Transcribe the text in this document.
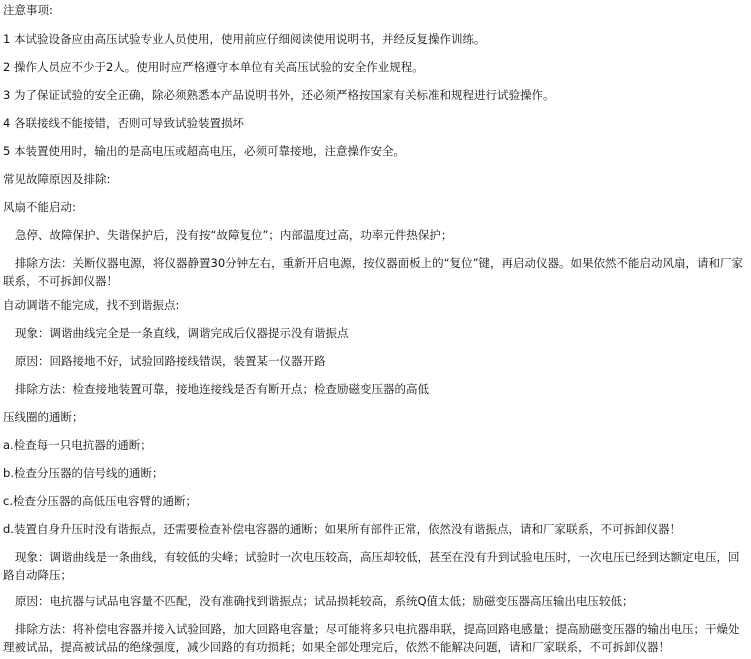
注意事项:
1 本试验设备应由高压试验专业人员使用，使用前应仔细阅读使用说明书，并经反复操作训练。
2 操作人员应不少于2人。使用时应严格遵守本单位有关高压试验的安全作业规程。
3 为了保证试验的安全正确，除必须熟悉本产品说明书外，还必须严格按国家有关标准和规程进行试验操作。
4 各联接线不能接错，否则可导致试验装置损坏
5 本装置使用时，输出的是高电压或超高电压，必须可靠接地，注意操作安全。
常见故障原因及排除:
风扇不能启动:
急停、故障保护、失谐保护后，没有按“故障复位”；内部温度过高，功率元件热保护；
排除方法：关断仪器电源，将仪器静置30分钟左右，重新开启电源，按仪器面板上的“复位”键，再启动仪器。如果依然不能启动风扇，请和厂家联系，不可拆卸仪器！
自动调谐不能完成，找不到谐振点:
现象：调谐曲线完全是一条直线，调谐完成后仪器提示没有谐振点
原因：回路接地不好，试验回路接线错误，装置某一仪器开路
排除方法：检查接地装置可靠，接地连接线是否有断开点；检查励磁变压器的高低
压线圈的通断；
a.检查每一只电抗器的通断；
b.检查分压器的信号线的通断；
c.检查分压器的高低压电容臂的通断；
d.装置自身升压时没有谐振点，还需要检查补偿电容器的通断；如果所有部件正常，依然没有谐振点，请和厂家联系，不可拆卸仪器！
现象：调谐曲线是一条曲线，有较低的尖峰；试验时一次电压较高，高压却较低，甚至在没有升到试验电压时，一次电压已经到达额定电压，回路自动降压；
原因：电抗器与试品电容量不匹配，没有准确找到谐振点；试品损耗较高，系统Q值太低；励磁变压器高压输出电压较低；
排除方法：将补偿电容器并接入试验回路，加大回路电容量；尽可能将多只电抗器串联，提高回路电感量；提高励磁变压器的输出电压；干燥处理被试品，提高被试品的绝缘强度，减少回路的有功损耗；如果全部处理完后，依然不能解决问题，请和厂家联系，不可拆卸仪器！
